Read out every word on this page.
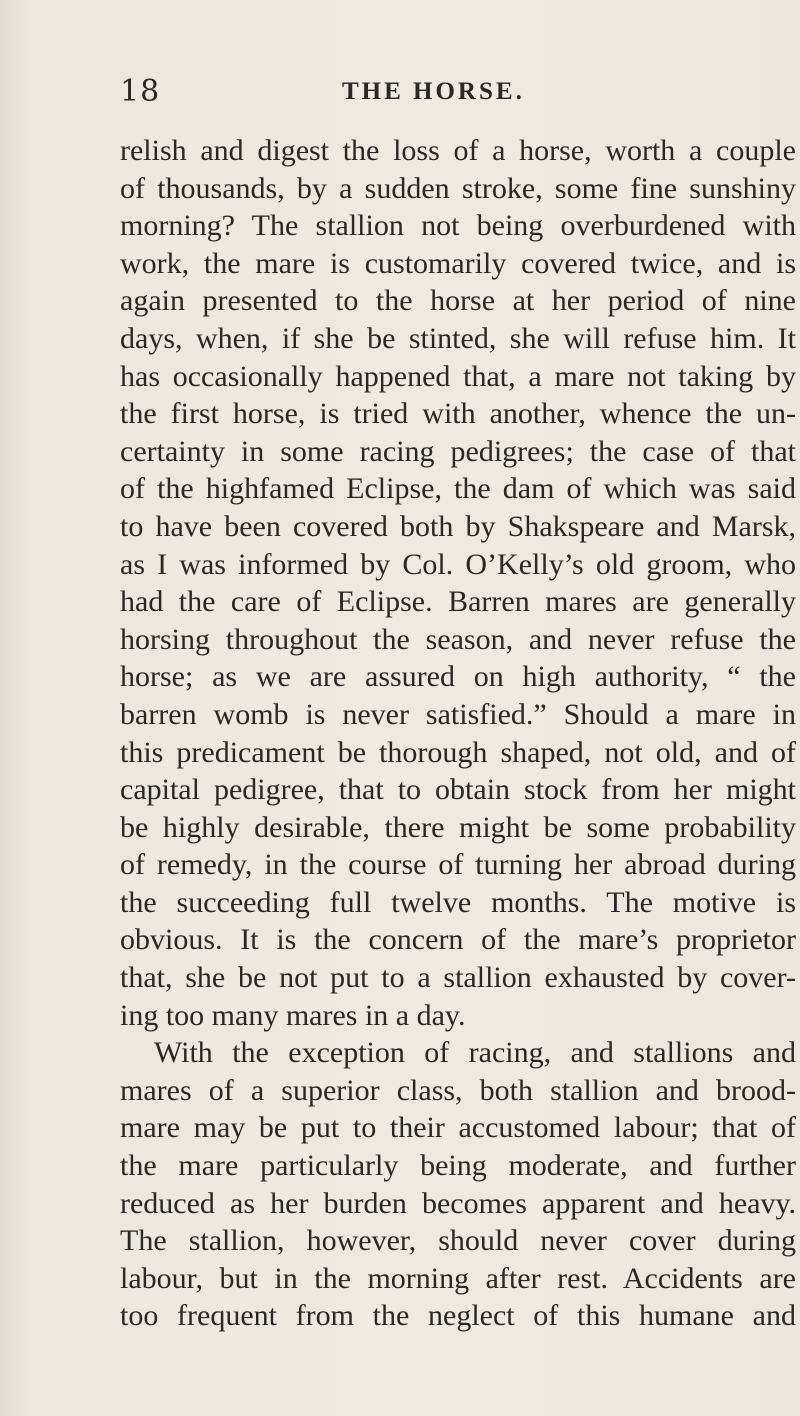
18	THE HORSE.
relish and digest the loss of a horse, worth a couple
of thousands, by a sudden stroke, some fine sunshiny
morning? The stallion not being overburdened with
work, the mare is customarily covered twice, and is
again presented to the horse at her period of nine
days, when, if she be stinted, she will refuse him. It
has occasionally happened that, a mare not taking by
the first horse, is tried with another, whence the un-
certainty in some racing pedigrees; the case of that
of the highfamed Eclipse, the dam of which was said
to have been covered both by Shakspeare and Marsk,
as I was informed by Col. O’Kelly’s old groom, who
had the care of Eclipse. Barren mares are generally
horsing throughout the season, and never refuse the
horse; as we are assured on high authority, “ the
barren womb is never satisfied.” Should a mare in
this predicament be thorough shaped, not old, and of
capital pedigree, that to obtain stock from her might
be highly desirable, there might be some probability
of remedy, in the course of turning her abroad during
the succeeding full twelve months. The motive is
obvious. It is the concern of the mare’s proprietor
that, she be not put to a stallion exhausted by cover-
ing too many mares in a day.
With the exception of racing, and stallions and
mares of a superior class, both stallion and brood-
mare may be put to their accustomed labour; that of
the mare particularly being moderate, and further
reduced as her burden becomes apparent and heavy.
The stallion, however, should never cover during
labour, but in the morning after rest. Accidents are
too frequent from the neglect of this humane and
